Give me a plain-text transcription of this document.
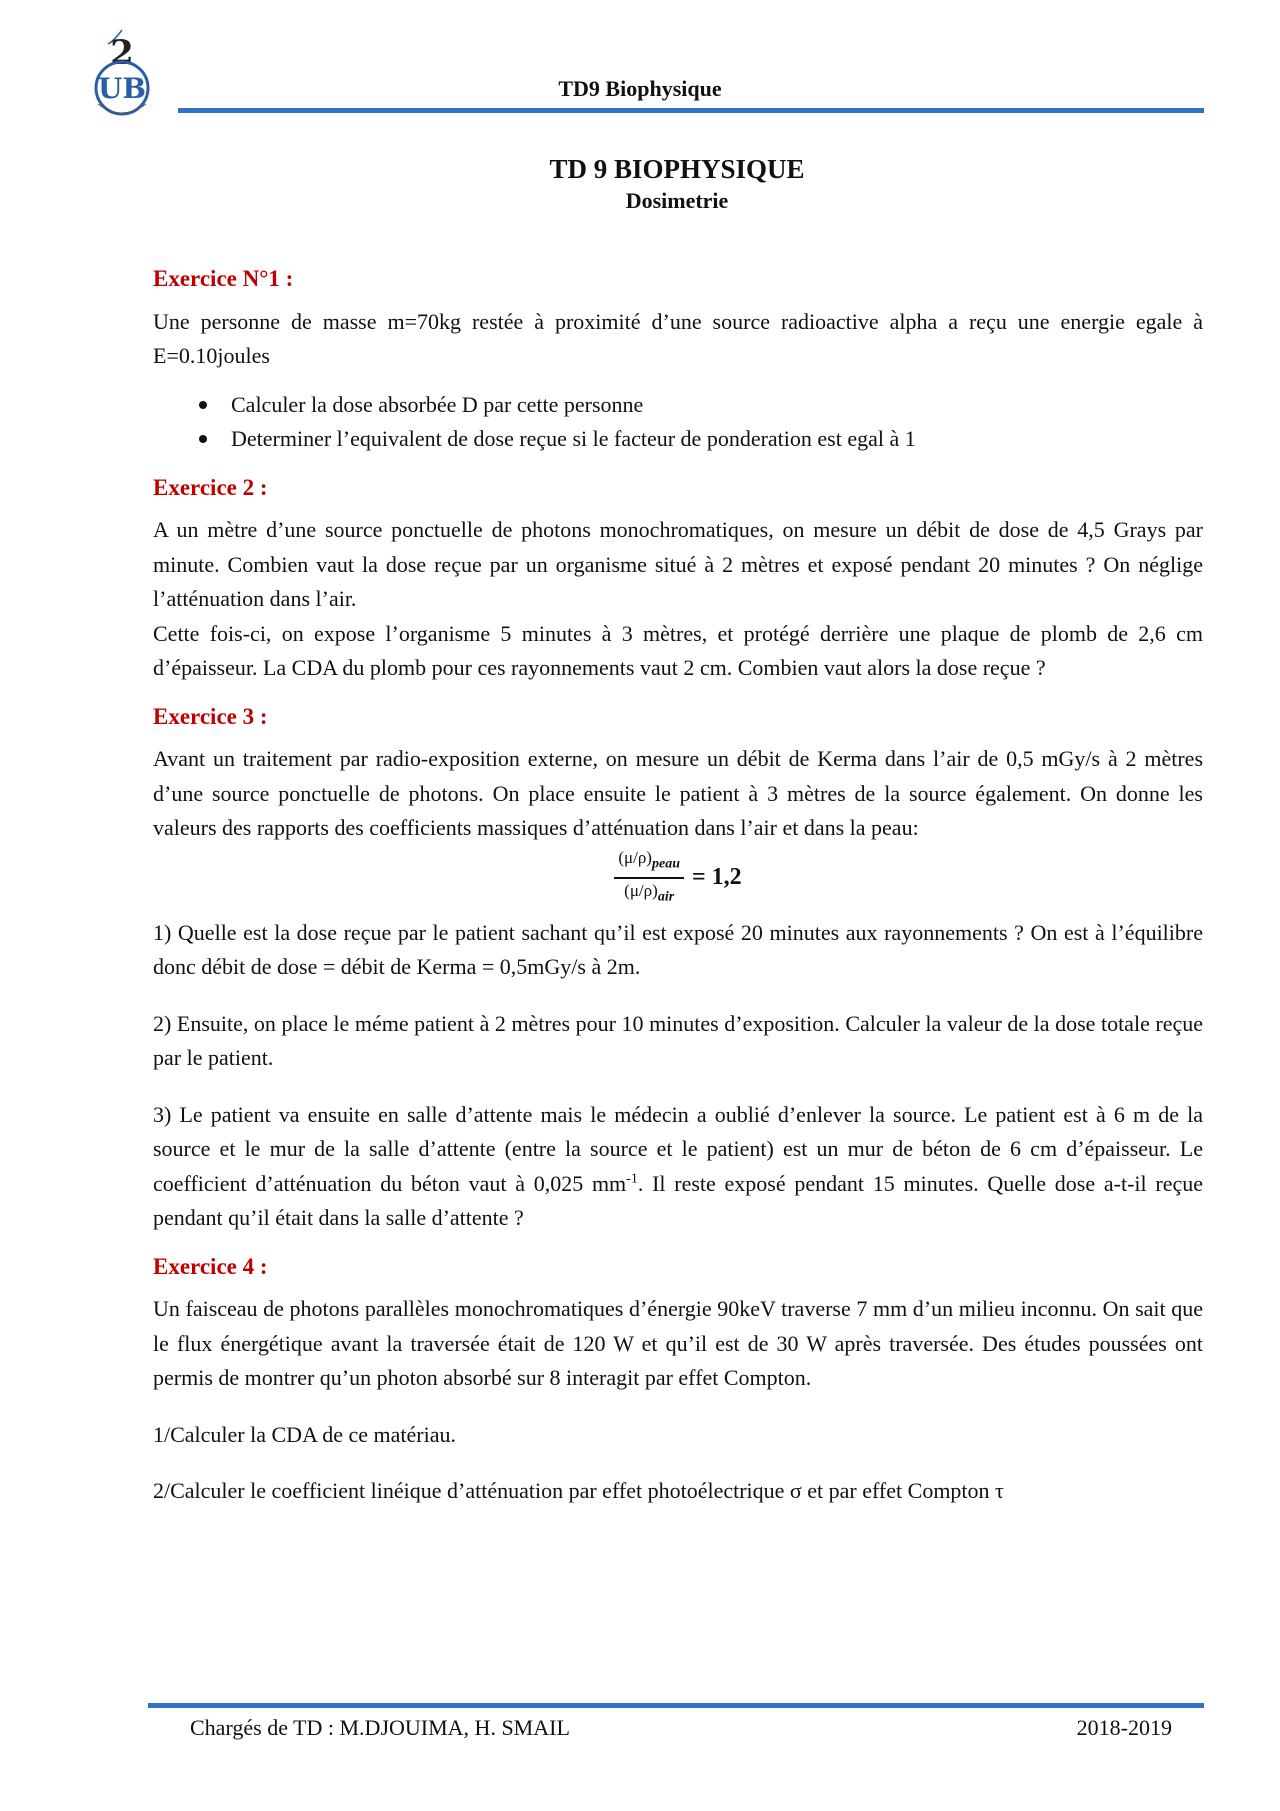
2
UB	TD9 Biophysique
TD 9 BIOPHYSIQUE
Dosimetrie

Exercice N°1 :

Une personne de masse m=70kg restée à proximité d’une source radioactive alpha a reçu une energie egale à E=0.10joules

Calculer la dose absorbée D par cette personne
Determiner l’equivalent de dose reçue si le facteur de ponderation est egal à 1

Exercice 2 :

A un mètre d’une source ponctuelle de photons monochromatiques, on mesure un débit de dose de 4,5 Grays par minute. Combien vaut la dose reçue par un organisme situé à 2 mètres et exposé pendant 20 minutes ? On néglige l’atténuation dans l’air.

Cette fois-ci, on expose l’organisme 5 minutes à 3 mètres, et protégé derrière une plaque de plomb de 2,6 cm d’épaisseur. La CDA du plomb pour ces rayonnements vaut 2 cm. Combien vaut alors la dose reçue ?

Exercice 3 :

Avant un traitement par radio-exposition externe, on mesure un débit de Kerma dans l’air de 0,5 mGy/s à 2 mètres d’une source ponctuelle de photons. On place ensuite le patient à 3 mètres de la source également. On donne les valeurs des rapports des coefficients massiques d’atténuation dans l’air et dans la peau:

$\frac{(\mu/\rho)_{peau}}{(\mu/\rho)_{air}} = 1,2$

1) Quelle est la dose reçue par le patient sachant qu’il est exposé 20 minutes aux rayonnements ? On est à l’équilibre donc débit de dose = débit de Kerma = 0,5mGy/s à 2m.

2) Ensuite, on place le méme patient à 2 mètres pour 10 minutes d’exposition. Calculer la valeur de la dose totale reçue par le patient.

3) Le patient va ensuite en salle d’attente mais le médecin a oublié d’enlever la source. Le patient est à 6 m de la source et le mur de la salle d’attente (entre la source et le patient) est un mur de béton de 6 cm d’épaisseur. Le coefficient d’atténuation du béton vaut à 0,025 $mm^{-1}$. Il reste exposé pendant 15 minutes. Quelle dose a-t-il reçue pendant qu’il était dans la salle d’attente ?

Exercice 4 :

Un faisceau de photons parallèles monochromatiques d’énergie 90keV traverse 7 mm d’un milieu inconnu. On sait que le flux énergétique avant la traversée était de 120 W et qu’il est de 30 W après traversée. Des études poussées ont permis de montrer qu’un photon absorbé sur 8 interagit par effet Compton.

1/Calculer la CDA de ce matériau.

2/Calculer le coefficient linéique d’atténuation par effet photoélectrique σ et par effet Compton τ

Chargés de TD : M.DJOUIMA, H. SMAIL	2018-2019
